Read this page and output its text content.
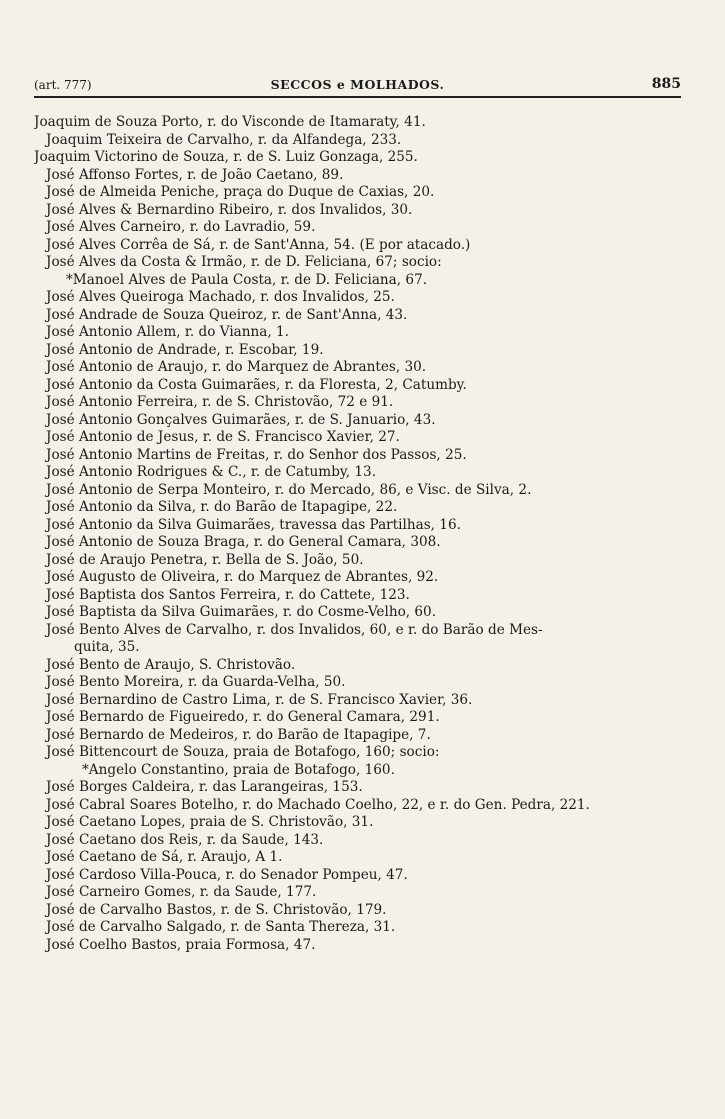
(art. 777)	SECCOS e MOLHADOS.	885
Joaquim de Souza Porto, r. do Visconde de Itamaraty, 41.
Joaquim Teixeira de Carvalho, r. da Alfandega, 233.
Joaquim Victorino de Souza, r. de S. Luiz Gonzaga, 255.
José Affonso Fortes, r. de João Caetano, 89.
José de Almeida Peniche, praça do Duque de Caxias, 20.
José Alves & Bernardino Ribeiro, r. dos Invalidos, 30.
José Alves Carneiro, r. do Lavradio, 59.
José Alves Corrêa de Sá, r. de Sant'Anna, 54. (E por atacado.)
José Alves da Costa & Irmão, r. de D. Feliciana, 67; socio:
*Manoel Alves de Paula Costa, r. de D. Feliciana, 67.
José Alves Queiroga Machado, r. dos Invalidos, 25.
José Andrade de Souza Queiroz, r. de Sant'Anna, 43.
José Antonio Allem, r. do Vianna, 1.
José Antonio de Andrade, r. Escobar, 19.
José Antonio de Araujo, r. do Marquez de Abrantes, 30.
José Antonio da Costa Guimarães, r. da Floresta, 2, Catumby.
José Antonio Ferreira, r. de S. Christovão, 72 e 91.
José Antonio Gonçalves Guimarães, r. de S. Januario, 43.
José Antonio de Jesus, r. de S. Francisco Xavier, 27.
José Antonio Martins de Freitas, r. do Senhor dos Passos, 25.
José Antonio Rodrigues & C., r. de Catumby, 13.
José Antonio de Serpa Monteiro, r. do Mercado, 86, e Visc. de Silva, 2.
José Antonio da Silva, r. do Barão de Itapagipe, 22.
José Antonio da Silva Guimarães, travessa das Partilhas, 16.
José Antonio de Souza Braga, r. do General Camara, 308.
José de Araujo Penetra, r. Bella de S. João, 50.
José Augusto de Oliveira, r. do Marquez de Abrantes, 92.
José Baptista dos Santos Ferreira, r. do Cattete, 123.
José Baptista da Silva Guimarães, r. do Cosme-Velho, 60.
José Bento Alves de Carvalho, r. dos Invalidos, 60, e r. do Barão de Mes-
quita, 35.
José Bento de Araujo, S. Christovão.
José Bento Moreira, r. da Guarda-Velha, 50.
José Bernardino de Castro Lima, r. de S. Francisco Xavier, 36.
José Bernardo de Figueiredo, r. do General Camara, 291.
José Bernardo de Medeiros, r. do Barão de Itapagipe, 7.
José Bittencourt de Souza, praia de Botafogo, 160; socio:
*Angelo Constantino, praia de Botafogo, 160.
José Borges Caldeira, r. das Larangeiras, 153.
José Cabral Soares Botelho, r. do Machado Coelho, 22, e r. do Gen. Pedra, 221.
José Caetano Lopes, praia de S. Christovão, 31.
José Caetano dos Reis, r. da Saude, 143.
José Caetano de Sá, r. Araujo, A 1.
José Cardoso Villa-Pouca, r. do Senador Pompeu, 47.
José Carneiro Gomes, r. da Saude, 177.
José de Carvalho Bastos, r. de S. Christovão, 179.
José de Carvalho Salgado, r. de Santa Thereza, 31.
José Coelho Bastos, praia Formosa, 47.
